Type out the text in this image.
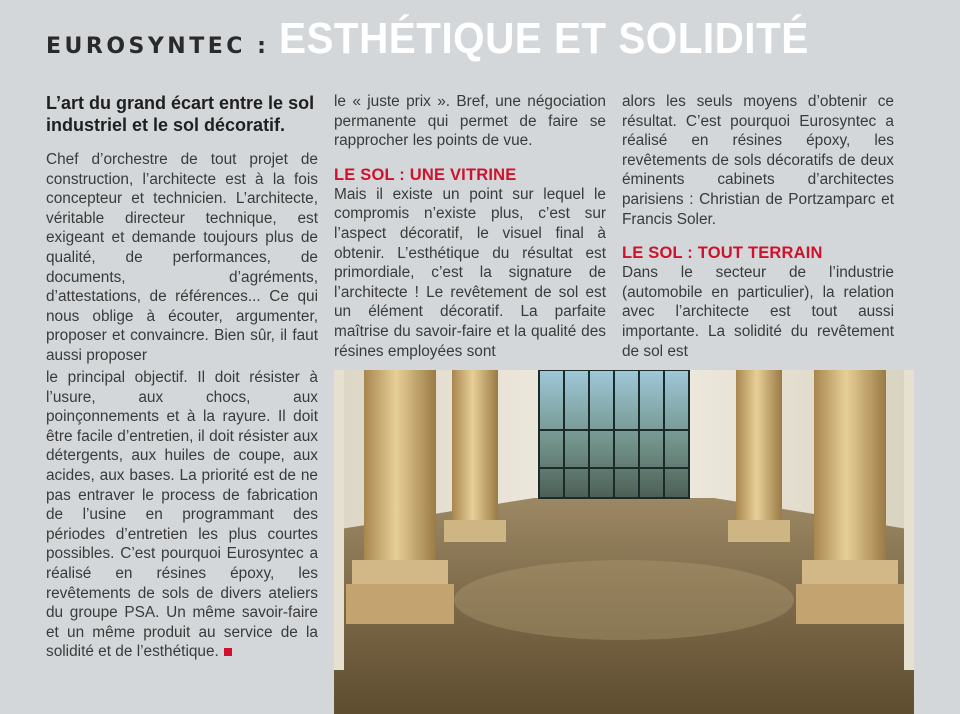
EUROSYNTEC : ESTHÉTIQUE ET SOLIDITÉ

L’art du grand écart entre le sol industriel et le sol décoratif.

Chef d’orchestre de tout projet de construction, l’architecte est à la fois concepteur et technicien. L’architecte, véritable directeur technique, est exigeant et demande toujours plus de qualité, de performances, de documents, d’agréments, d’attestations, de références... Ce qui nous oblige à écouter, argumenter, proposer et convaincre. Bien sûr, il faut aussi proposer

le « juste prix ». Bref, une négociation permanente qui permet de faire se rapprocher les points de vue.

LE SOL : UNE VITRINE

Mais il existe un point sur lequel le compromis n’existe plus, c’est sur l’aspect décoratif, le visuel final à obtenir. L’esthétique du résultat est primordiale, c’est la signature de l’architecte ! Le revêtement de sol est un élément décoratif. La parfaite maîtrise du savoir-faire et la qualité des résines employées sont

alors les seuls moyens d’obtenir ce résultat. C’est pourquoi Eurosyntec a réalisé en résines époxy, les revêtements de sols décoratifs de deux éminents cabinets d’architectes parisiens : Christian de Portzamparc et Francis Soler.

LE SOL : TOUT TERRAIN

Dans le secteur de l’industrie (automobile en particulier), la relation avec l’architecte est tout aussi importante. La solidité du revêtement de sol est

le principal objectif. Il doit résister à l’usure, aux chocs, aux poinçonnements et à la rayure. Il doit être facile d’entretien, il doit résister aux détergents, aux huiles de coupe, aux acides, aux bases. La priorité est de ne pas entraver le process de fabrication de l’usine en programmant des périodes d’entretien les plus courtes possibles. C’est pourquoi Eurosyntec a réalisé en résines époxy, les revêtements de sols de divers ateliers du groupe PSA. Un même savoir-faire et un même produit au service de la solidité et de l’esthétique.
